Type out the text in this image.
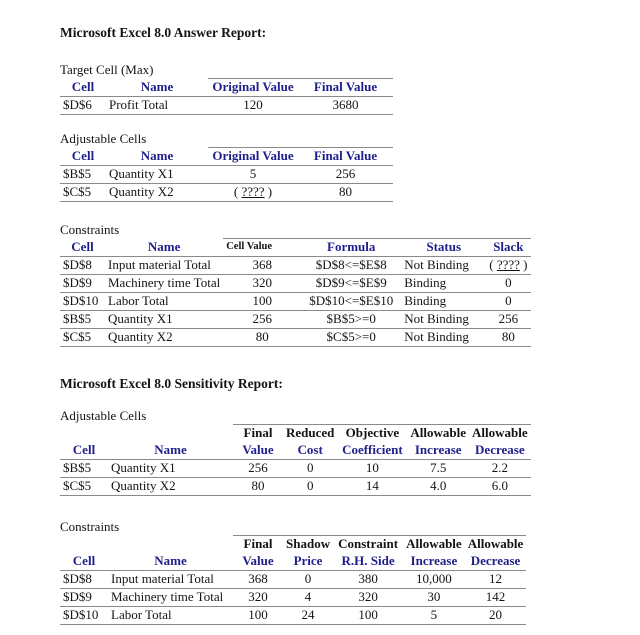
Microsoft Excel 8.0 Answer Report:
Target Cell (Max)
Cell	Name	Original Value	Final Value
$D$6	Profit Total	120	3680
Adjustable Cells
Cell	Name	Original Value	Final Value
$B$5	Quantity X1	5	256
$C$5	Quantity X2	( ???? )	80
Constraints
Cell	Name	Cell Value	Formula	Status	Slack
$D$8	Input material Total	368	$D$8<=$E$8	Not Binding	( ???? )
$D$9	Machinery time Total	320	$D$9<=$E$9	Binding	0
$D$10	Labor Total	100	$D$10<=$E$10	Binding	0
$B$5	Quantity X1	256	$B$5>=0	Not Binding	256
$C$5	Quantity X2	80	$C$5>=0	Not Binding	80
Microsoft Excel 8.0 Sensitivity Report:
Adjustable Cells
		Final	Reduced	Objective	Allowable	Allowable
Cell	Name	Value	Cost	Coefficient	Increase	Decrease
$B$5	Quantity X1	256	0	10	7.5	2.2
$C$5	Quantity X2	80	0	14	4.0	6.0
Constraints
		Final	Shadow	Constraint	Allowable	Allowable
Cell	Name	Value	Price	R.H. Side	Increase	Decrease
$D$8	Input material Total	368	0	380	10,000	12
$D$9	Machinery time Total	320	4	320	30	142
$D$10	Labor Total	100	24	100	5	20
